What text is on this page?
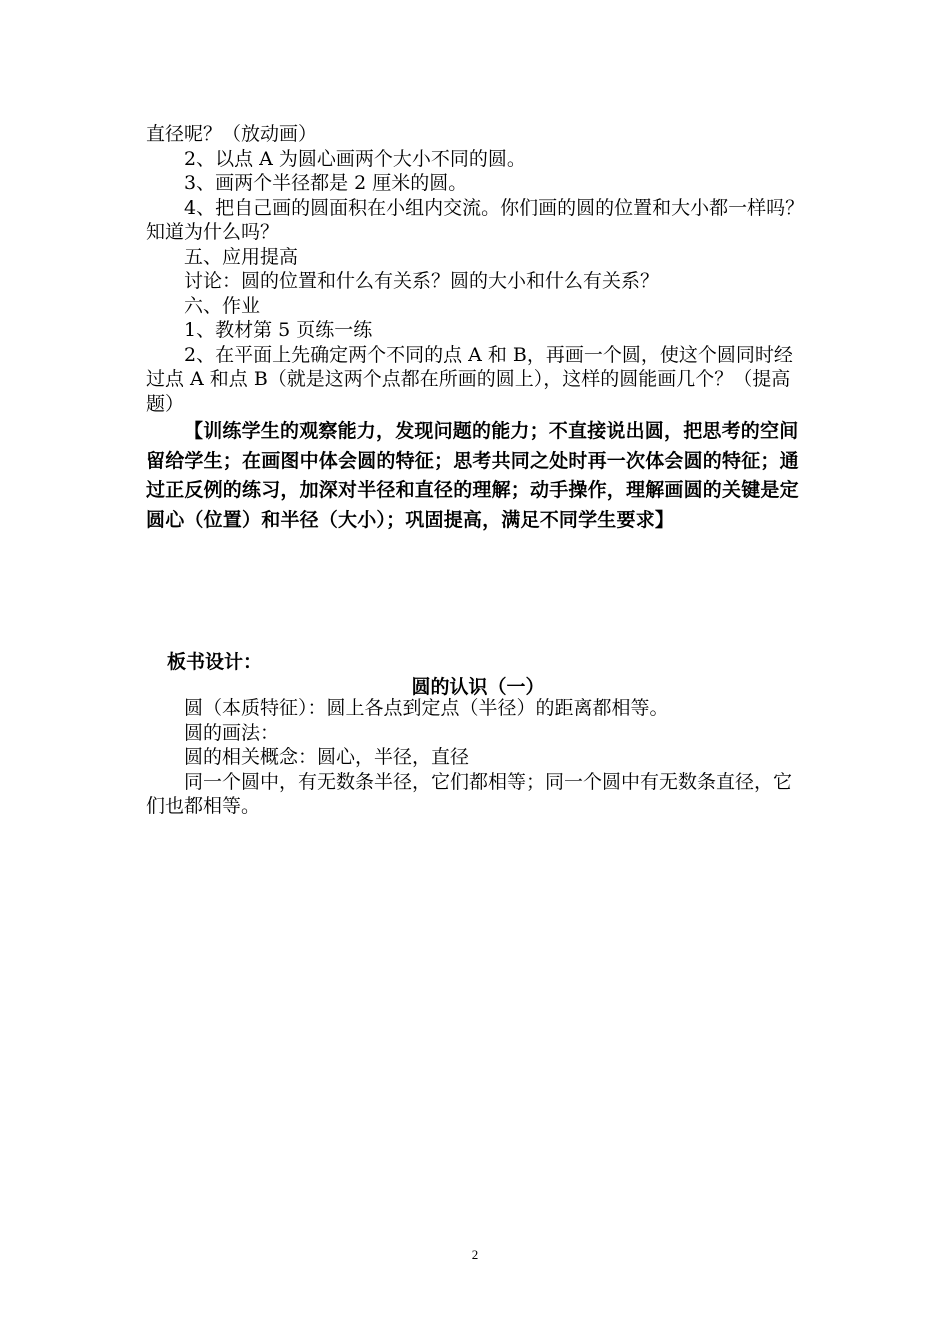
直径呢？（放动画）

2、以点 A 为圆心画两个大小不同的圆。

3、画两个半径都是 2 厘米的圆。

4、把自己画的圆面积在小组内交流。你们画的圆的位置和大小都一样吗？知道为什么吗？

五、应用提高

讨论：圆的位置和什么有关系？圆的大小和什么有关系？

六、作业

1、教材第 5 页练一练

2、在平面上先确定两个不同的点 A 和 B，再画一个圆，使这个圆同时经过点 A 和点 B（就是这两个点都在所画的圆上），这样的圆能画几个？（提高题）

【训练学生的观察能力，发现问题的能力；不直接说出圆，把思考的空间留给学生；在画图中体会圆的特征；思考共同之处时再一次体会圆的特征；通过正反例的练习，加深对半径和直径的理解；动手操作，理解画圆的关键是定圆心（位置）和半径（大小）；巩固提高，满足不同学生要求】

板书设计：
圆的认识（一）

圆（本质特征）：圆上各点到定点（半径）的距离都相等。

圆的画法：

圆的相关概念：圆心，半径，直径

同一个圆中，有无数条半径，它们都相等；同一个圆中有无数条直径，它们也都相等。

2
